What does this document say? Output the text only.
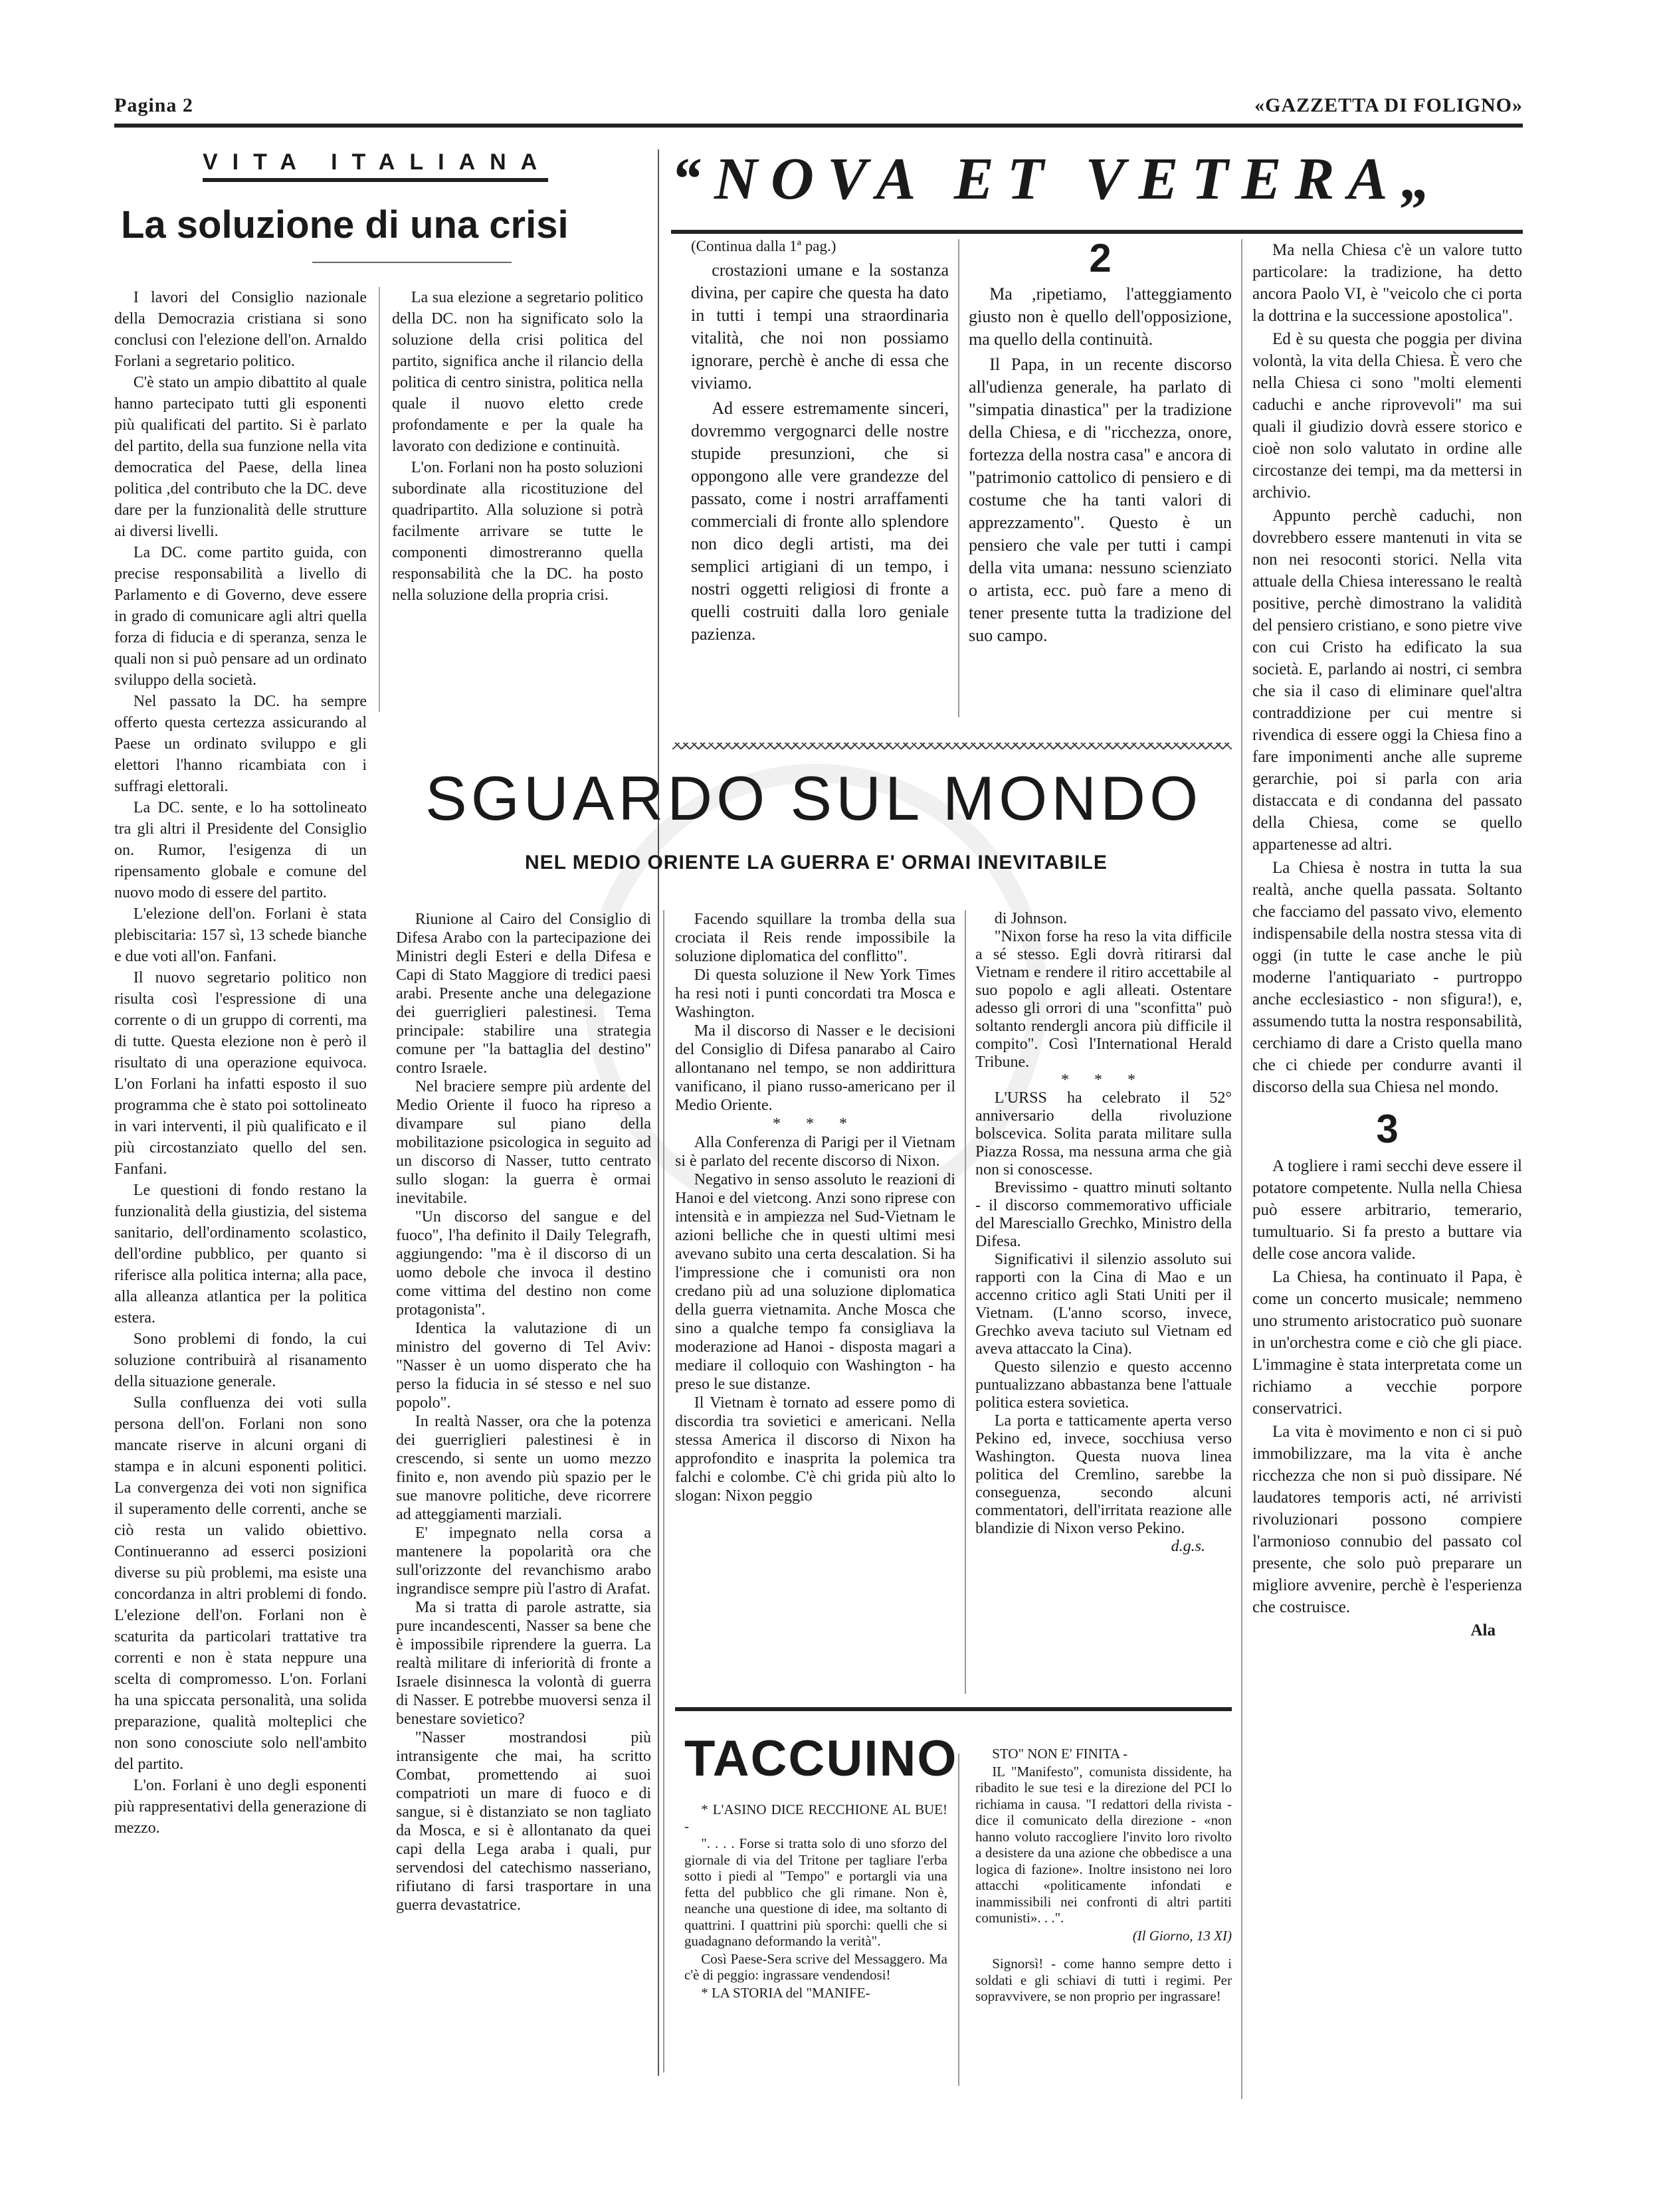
Pagina 2	«GAZZETTA DI FOLIGNO»
VITA ITALIANA
La soluzione di una crisi

I lavori del Consiglio nazionale della Democrazia cristiana si sono conclusi con l'elezione dell'on. Arnaldo Forlani a segretario politico.

C'è stato un ampio dibattito al quale hanno partecipato tutti gli esponenti più qualificati del partito. Si è parlato del partito, della sua funzione nella vita democratica del Paese, della linea politica ,del contributo che la DC. deve dare per la funzionalità delle strutture ai diversi livelli.

La DC. come partito guida, con precise responsabilità a livello di Parlamento e di Governo, deve essere in grado di comunicare agli altri quella forza di fiducia e di speranza, senza le quali non si può pensare ad un ordinato sviluppo della società.

Nel passato la DC. ha sempre offerto questa certezza assicurando al Paese un ordinato sviluppo e gli elettori l'hanno ricambiata con i suffragi elettorali.

La DC. sente, e lo ha sottolineato tra gli altri il Presidente del Consiglio on. Rumor, l'esigenza di un ripensamento globale e comune del nuovo modo di essere del partito.

L'elezione dell'on. Forlani è stata plebiscitaria: 157 sì, 13 schede bianche e due voti all'on. Fanfani.

Il nuovo segretario politico non risulta così l'espressione di una corrente o di un gruppo di correnti, ma di tutte. Questa elezione non è però il risultato di una operazione equivoca. L'on Forlani ha infatti esposto il suo programma che è stato poi sottolineato in vari interventi, il più qualificato e il più circostanziato quello del sen. Fanfani.

Le questioni di fondo restano la funzionalità della giustizia, del sistema sanitario, dell'ordinamento scolastico, dell'ordine pubblico, per quanto si riferisce alla politica interna; alla pace, alla alleanza atlantica per la politica estera.

Sono problemi di fondo, la cui soluzione contribuirà al risanamento della situazione generale.

Sulla confluenza dei voti sulla persona dell'on. Forlani non sono mancate riserve in alcuni organi di stampa e in alcuni esponenti politici. La convergenza dei voti non significa il superamento delle correnti, anche se ciò resta un valido obiettivo. Continueranno ad esserci posizioni diverse su più problemi, ma esiste una concordanza in altri problemi di fondo. L'elezione dell'on. Forlani non è scaturita da particolari trattative tra correnti e non è stata neppure una scelta di compromesso. L'on. Forlani ha una spiccata personalità, una solida preparazione, qualità molteplici che non sono conosciute solo nell'ambito del partito.

L'on. Forlani è uno degli esponenti più rappresentativi della generazione di mezzo.

La sua elezione a segretario politico della DC. non ha significato solo la soluzione della crisi politica del partito, significa anche il rilancio della politica di centro sinistra, politica nella quale il nuovo eletto crede profondamente e per la quale ha lavorato con dedizione e continuità.

L'on. Forlani non ha posto soluzioni subordinate alla ricostituzione del quadripartito. Alla soluzione si potrà facilmente arrivare se tutte le componenti dimostreranno quella responsabilità che la DC. ha posto nella soluzione della propria crisi.

“NOVA ET VETERA„
(Continua dalla 1ª pag.)

crostazioni umane e la sostanza divina, per capire che questa ha dato in tutti i tempi una straordinaria vitalità, che noi non possiamo ignorare, perchè è anche di essa che viviamo.

Ad essere estremamente sinceri, dovremmo vergognarci delle nostre stupide presunzioni, che si oppongono alle vere grandezze del passato, come i nostri arraffamenti commerciali di fronte allo splendore non dico degli artisti, ma dei semplici artigiani di un tempo, i nostri oggetti religiosi di fronte a quelli costruiti dalla loro geniale pazienza.

2

Ma ,ripetiamo, l'atteggiamento giusto non è quello dell'opposizione, ma quello della continuità.

Il Papa, in un recente discorso all'udienza generale, ha parlato di "simpatia dinastica" per la tradizione della Chiesa, e di "ricchezza, onore, fortezza della nostra casa" e ancora di "patrimonio cattolico di pensiero e di costume che ha tanti valori di apprezzamento". Questo è un pensiero che vale per tutti i campi della vita umana: nessuno scienziato o artista, ecc. può fare a meno di tener presente tutta la tradizione del suo campo.

Ma nella Chiesa c'è un valore tutto particolare: la tradizione, ha detto ancora Paolo VI, è "veicolo che ci porta la dottrina e la successione apostolica".

Ed è su questa che poggia per divina volontà, la vita della Chiesa. È vero che nella Chiesa ci sono "molti elementi caduchi e anche riprovevoli" ma sui quali il giudizio dovrà essere storico e cioè non solo valutato in ordine alle circostanze dei tempi, ma da mettersi in archivio.

Appunto perchè caduchi, non dovrebbero essere mantenuti in vita se non nei resoconti storici. Nella vita attuale della Chiesa interessano le realtà positive, perchè dimostrano la validità del pensiero cristiano, e sono pietre vive con cui Cristo ha edificato la sua società. E, parlando ai nostri, ci sembra che sia il caso di eliminare quel'altra contraddizione per cui mentre si rivendica di essere oggi la Chiesa fino a fare imponimenti anche alle supreme gerarchie, poi si parla con aria distaccata e di condanna del passato della Chiesa, come se quello appartenesse ad altri.

La Chiesa è nostra in tutta la sua realtà, anche quella passata. Soltanto che facciamo del passato vivo, elemento indispensabile della nostra stessa vita di oggi (in tutte le case anche le più moderne l'antiquariato - purtroppo anche ecclesiastico - non sfigura!), e, assumendo tutta la nostra responsabilità, cerchiamo di dare a Cristo quella mano che ci chiede per condurre avanti il discorso della sua Chiesa nel mondo.

3

A togliere i rami secchi deve essere il potatore competente. Nulla nella Chiesa può essere arbitrario, temerario, tumultuario. Si fa presto a buttare via delle cose ancora valide.

La Chiesa, ha continuato il Papa, è come un concerto musicale; nemmeno uno strumento aristocratico può suonare in un'orchestra come e ciò che gli piace. L'immagine è stata interpretata come un richiamo a vecchie porpore conservatrici.

La vita è movimento e non ci si può immobilizzare, ma la vita è anche ricchezza che non si può dissipare. Né laudatores temporis acti, né arrivisti rivoluzionari possono compiere l'armonioso connubio del passato col presente, che solo può preparare un migliore avvenire, perchè è l'esperienza che costruisce.

Ala

SGUARDO SUL MONDO
NEL MEDIO ORIENTE LA GUERRA E' ORMAI INEVITABILE

Riunione al Cairo del Consiglio di Difesa Arabo con la partecipazione dei Ministri degli Esteri e della Difesa e Capi di Stato Maggiore di tredici paesi arabi. Presente anche una delegazione dei guerriglieri palestinesi. Tema principale: stabilire una strategia comune per "la battaglia del destino" contro Israele.

Nel braciere sempre più ardente del Medio Oriente il fuoco ha ripreso a divampare sul piano della mobilitazione psicologica in seguito ad un discorso di Nasser, tutto centrato sullo slogan: la guerra è ormai inevitabile.

"Un discorso del sangue e del fuoco", l'ha definito il Daily Telegrafh, aggiungendo: "ma è il discorso di un uomo debole che invoca il destino come vittima del destino non come protagonista".

Identica la valutazione di un ministro del governo di Tel Aviv: "Nasser è un uomo disperato che ha perso la fiducia in sé stesso e nel suo popolo".

In realtà Nasser, ora che la potenza dei guerriglieri palestinesi è in crescendo, si sente un uomo mezzo finito e, non avendo più spazio per le sue manovre politiche, deve ricorrere ad atteggiamenti marziali.

E' impegnato nella corsa a mantenere la popolarità ora che sull'orizzonte del revanchismo arabo ingrandisce sempre più l'astro di Arafat.

Ma si tratta di parole astratte, sia pure incandescenti, Nasser sa bene che è impossibile riprendere la guerra. La realtà militare di inferiorità di fronte a Israele disinnesca la volontà di guerra di Nasser. E potrebbe muoversi senza il benestare sovietico?

"Nasser mostrandosi più intransigente che mai, ha scritto Combat, promettendo ai suoi compatrioti un mare di fuoco e di sangue, si è distanziato se non tagliato da Mosca, e si è allontanato da quei capi della Lega araba i quali, pur servendosi del catechismo nasseriano, rifiutano di farsi trasportare in una guerra devastatrice.

Facendo squillare la tromba della sua crociata il Reis rende impossibile la soluzione diplomatica del conflitto".

Di questa soluzione il New York Times ha resi noti i punti concordati tra Mosca e Washington.

Ma il discorso di Nasser e le decisioni del Consiglio di Difesa panarabo al Cairo allontanano nel tempo, se non addirittura vanificano, il piano russo-americano per il Medio Oriente.

* * *

Alla Conferenza di Parigi per il Vietnam si è parlato del recente discorso di Nixon.

Negativo in senso assoluto le reazioni di Hanoi e del vietcong. Anzi sono riprese con intensità e in ampiezza nel Sud-Vietnam le azioni belliche che in questi ultimi mesi avevano subito una certa descalation. Si ha l'impressione che i comunisti ora non credano più ad una soluzione diplomatica della guerra vietnamita. Anche Mosca che sino a qualche tempo fa consigliava la moderazione ad Hanoi - disposta magari a mediare il colloquio con Washington - ha preso le sue distanze.

Il Vietnam è tornato ad essere pomo di discordia tra sovietici e americani. Nella stessa America il discorso di Nixon ha approfondito e inasprita la polemica tra falchi e colombe. C'è chi grida più alto lo slogan: Nixon peggio

di Johnson.

"Nixon forse ha reso la vita difficile a sé stesso. Egli dovrà ritirarsi dal Vietnam e rendere il ritiro accettabile al suo popolo e agli alleati. Ostentare adesso gli orrori di una "sconfitta" può soltanto rendergli ancora più difficile il compito". Così l'International Herald Tribune.

* * *

L'URSS ha celebrato il 52° anniversario della rivoluzione bolscevica. Solita parata militare sulla Piazza Rossa, ma nessuna arma che già non si conoscesse.

Brevissimo - quattro minuti soltanto - il discorso commemorativo ufficiale del Maresciallo Grechko, Ministro della Difesa.

Significativi il silenzio assoluto sui rapporti con la Cina di Mao e un accenno critico agli Stati Uniti per il Vietnam. (L'anno scorso, invece, Grechko aveva taciuto sul Vietnam ed aveva attaccato la Cina).

Questo silenzio e questo accenno puntualizzano abbastanza bene l'attuale politica estera sovietica.

La porta e tatticamente aperta verso Pekino ed, invece, socchiusa verso Washington. Questa nuova linea politica del Cremlino, sarebbe la conseguenza, secondo alcuni commentatori, dell'irritata reazione alle blandizie di Nixon verso Pekino.

d.g.s.

TACCUINO

* L'ASINO DICE RECCHIONE AL BUE! -

". . . . Forse si tratta solo di uno sforzo del giornale di via del Tritone per tagliare l'erba sotto i piedi al "Tempo" e portargli via una fetta del pubblico che gli rimane. Non è, neanche una questione di idee, ma soltanto di quattrini. I quattrini più sporchi: quelli che si guadagnano deformando la verità".

Così Paese-Sera scrive del Messaggero. Ma c'è di peggio: ingrassare vendendosi!

* LA STORIA del "MANIFE-

STO" NON E' FINITA -

IL "Manifesto", comunista dissidente, ha ribadito le sue tesi e la direzione del PCI lo richiama in causa. "I redattori della rivista - dice il comunicato della direzione - «non hanno voluto raccogliere l'invito loro rivolto a desistere da una azione che obbedisce a una logica di fazione». Inoltre insistono nei loro attacchi «politicamente infondati e inammissibili nei confronti di altri partiti comunisti». . .".

(Il Giorno, 13 XI)

Signorsì! - come hanno sempre detto i soldati e gli schiavi di tutti i regimi. Per sopravvivere, se non proprio per ingrassare!
